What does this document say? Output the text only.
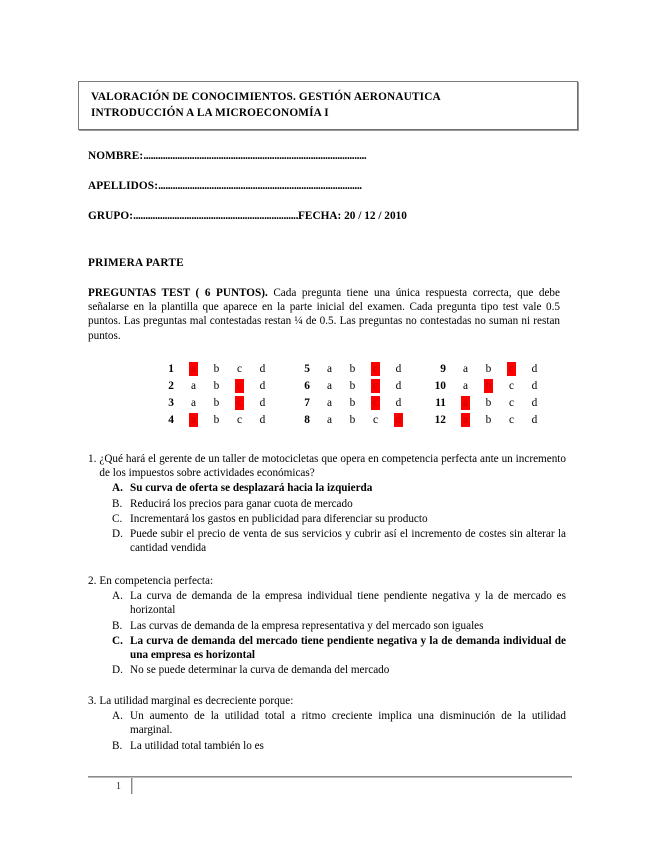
VALORACIÓN DE CONOCIMIENTOS. GESTIÓN AERONAUTICA
INTRODUCCIÓN A LA MICROECONOMÍA I
NOMBRE:............................................................................................
APELLIDOS:....................................................................................
GRUPO:....................................................................FECHA: 20 / 12 / 2010
PRIMERA PARTE
PREGUNTAS TEST ( 6 PUNTOS). Cada pregunta tiene una única respuesta correcta, que debe señalarse en la plantilla que aparece en la parte inicial del examen. Cada pregunta tipo test vale 0.5 puntos. Las preguntas mal contestadas restan ¼ de 0.5. Las preguntas no contestadas no suman ni restan puntos.
1	a	b	c	d
2	a	b	c	d
3	a	b	c	d
4	a	b	c	d
5	a	b	c	d
6	a	b	c	d
7	a	b	c	d
8	a	b	c	d
9	a	b	c	d
10	a	b	c	d
11	a	b	c	d
12	a	b	c	d
1. ¿Qué hará el gerente de un taller de motocicletas que opera en competencia perfecta ante un incremento de los impuestos sobre actividades económicas?
A. Su curva de oferta se desplazará hacia la izquierda
B. Reducirá los precios para ganar cuota de mercado
C. Incrementará los gastos en publicidad para diferenciar su producto
D. Puede subir el precio de venta de sus servicios y cubrir así el incremento de costes sin alterar la cantidad vendida
2. En competencia perfecta:
A. La curva de demanda de la empresa individual tiene pendiente negativa y la de mercado es horizontal
B. Las curvas de demanda de la empresa representativa y del mercado son iguales
C. La curva de demanda del mercado tiene pendiente negativa y la de demanda individual de una empresa es horizontal
D. No se puede determinar la curva de demanda del mercado
3. La utilidad marginal es decreciente porque:
A. Un aumento de la utilidad total a ritmo creciente implica una disminución de la utilidad marginal.
B. La utilidad total también lo es
1
